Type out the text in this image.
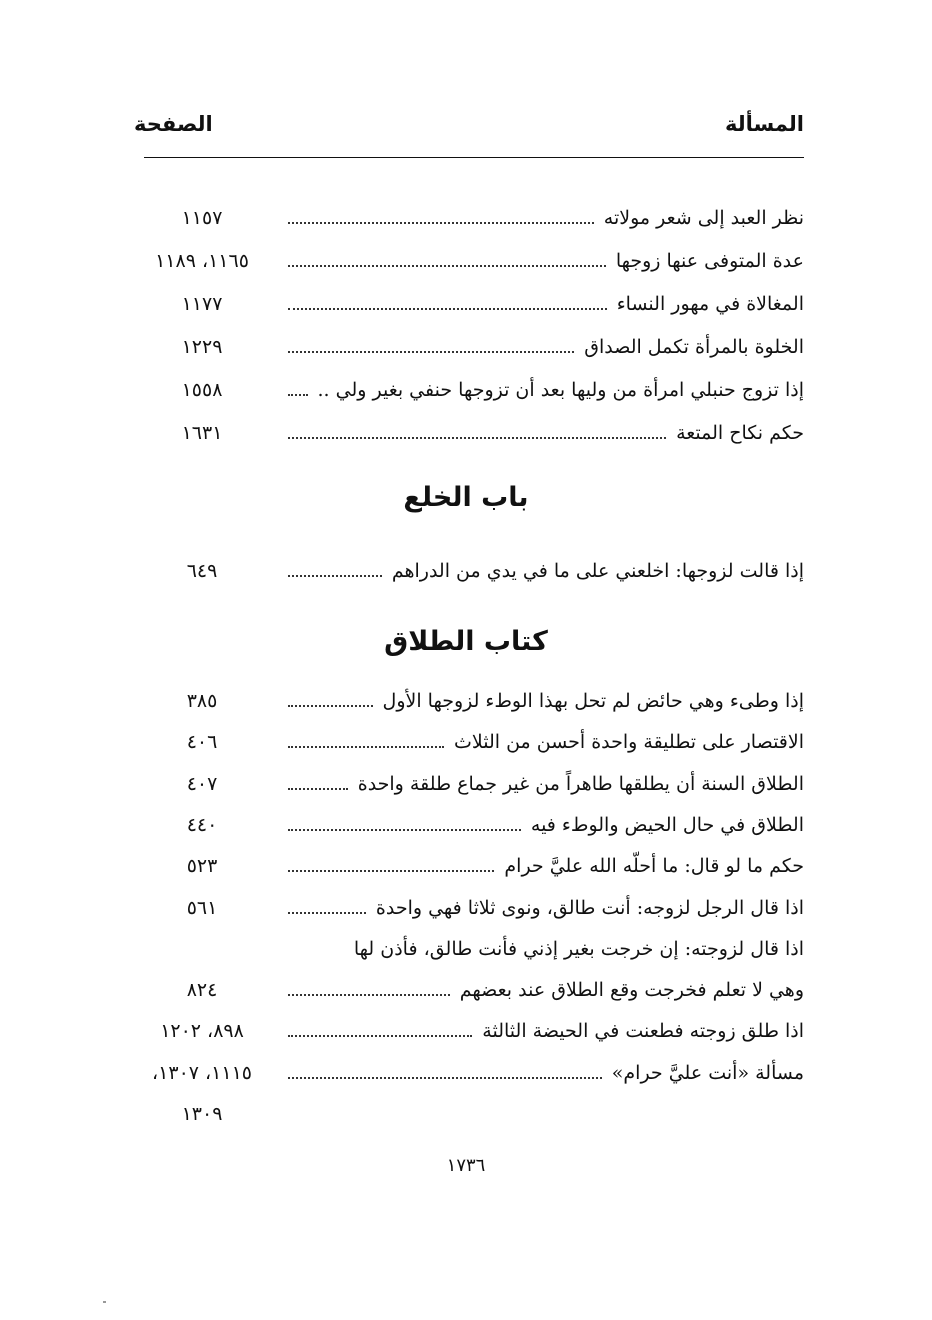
المسألة
الصفحة
١١٥٧	نظر العبد إلى شعر مولاته
١١٦٥، ١١٨٩	عدة المتوفى عنها زوجها
١١٧٧	المغالاة في مهور النساء
١٢٢٩	الخلوة بالمرأة تكمل الصداق
١٥٥٨	إذا تزوج حنبلي امرأة من وليها بعد أن تزوجها حنفي بغير ولي ..
١٦٣١	حكم نكاح المتعة
باب الخلع
٦٤٩	إذا قالت لزوجها: اخلعني على ما في يدي من الدراهم
كتاب الطلاق
٣٨٥	إذا وطىء وهي حائض لم تحل بهذا الوطء لزوجها الأول
٤٠٦	الاقتصار على تطليقة واحدة أحسن من الثلاث
٤٠٧	الطلاق السنة أن يطلقها طاهراً من غير جماع طلقة واحدة
٤٤٠	الطلاق في حال الحيض والوطء فيه
٥٢٣	حكم ما لو قال: ما أحلّه الله عليَّ حرام
٥٦١	اذا قال الرجل لزوجه: أنت طالق، ونوى ثلاثا فهي واحدة
اذا قال لزوجته: إن خرجت بغير إذني فأنت طالق، فأذن لها
٨٢٤	وهي لا تعلم فخرجت وقع الطلاق عند بعضهم
٨٩٨، ١٢٠٢	اذا طلق زوجته فطعنت في الحيضة الثالثة
١١١٥، ١٣٠٧،	مسألة «أنت عليَّ حرام»
١٣٠٩
١٧٣٦
